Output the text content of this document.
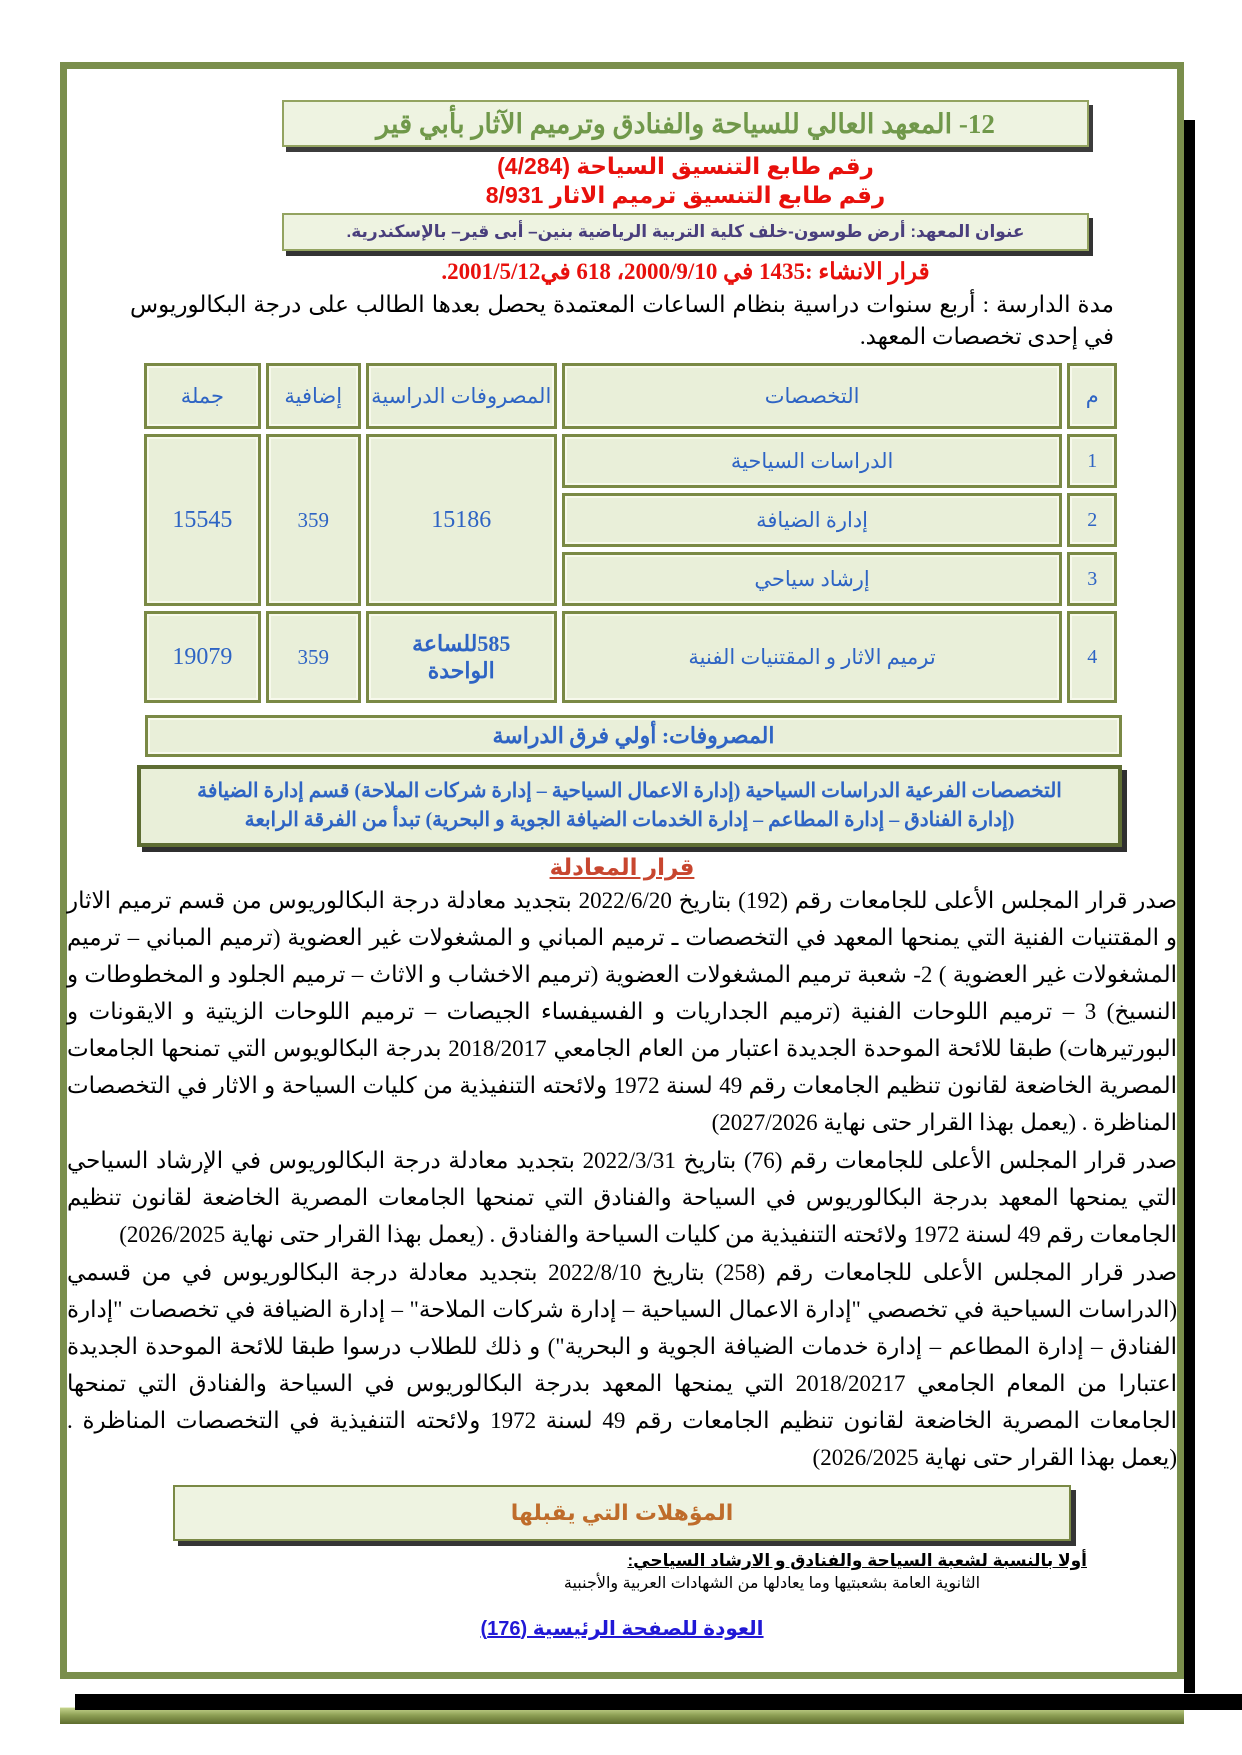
12- المعهد العالي للسياحة والفنادق وترميم الآثار بأبي قير
رقم طابع التنسيق السياحة (4/284)
رقم طابع التنسيق ترميم الاثار 8/931
عنوان المعهد: أرض طوسون-خلف كلية التربية الرياضية بنين– أبى قير– بالإسكندرية.
قرار الانشاء :1435 في 2000/9/10، 618 في2001/5/12.
مدة الدارسة : أربع سنوات دراسية بنظام الساعات المعتمدة يحصل بعدها الطالب على درجة البكالوريوس في إحدى تخصصات المعهد.
م	التخصصات	المصروفات الدراسية	إضافية	جملة
1	الدراسات السياحية	15186	359	15545
2	إدارة الضيافة			
3	إرشاد سياحي			
4	ترميم الاثار و المقتنيات الفنية	585للساعة الواحدة	359	19079
المصروفات: أولي فرق الدراسة
التخصصات الفرعية الدراسات السياحية (إدارة الاعمال السياحية – إدارة شركات الملاحة) قسم إدارة الضيافة
(إدارة الفنادق – إدارة المطاعم – إدارة الخدمات الضيافة الجوية و البحرية) تبدأ من الفرقة الرابعة
قرار المعادلة
صدر قرار المجلس الأعلى للجامعات رقم (192) بتاريخ 2022/6/20 بتجديد معادلة درجة البكالوريوس من قسم ترميم الاثار و المقتنيات الفنية التي يمنحها المعهد في التخصصات ـ ترميم المباني و المشغولات غير العضوية (ترميم المباني – ترميم المشغولات غير العضوية ) 2- شعبة ترميم المشغولات العضوية (ترميم الاخشاب و الاثاث – ترميم الجلود و المخطوطات و النسيخ) 3 – ترميم اللوحات الفنية (ترميم الجداريات و الفسيفساء الجيصات – ترميم اللوحات الزيتية و الايقونات و البورتيرهات) طبقا للائحة الموحدة الجديدة اعتبار من العام الجامعي 2018/2017 بدرجة البكالويوس التي تمنحها الجامعات المصرية الخاضعة لقانون تنظيم الجامعات رقم 49 لسنة 1972 ولائحته التنفيذية من كليات السياحة و الاثار في التخصصات المناظرة . (يعمل بهذا القرار حتى نهاية 2027/2026)
صدر قرار المجلس الأعلى للجامعات رقم (76) بتاريخ 2022/3/31 بتجديد معادلة درجة البكالوريوس في الإرشاد السياحي التي يمنحها المعهد بدرجة البكالوريوس في السياحة والفنادق التي تمنحها الجامعات المصرية الخاضعة لقانون تنظيم الجامعات رقم 49 لسنة 1972 ولائحته التنفيذية من كليات السياحة والفنادق . (يعمل بهذا القرار حتى نهاية 2026/2025)
صدر قرار المجلس الأعلى للجامعات رقم (258) بتاريخ 2022/8/10 بتجديد معادلة درجة البكالوريوس في من قسمي (الدراسات السياحية في تخصصي "إدارة الاعمال السياحية – إدارة شركات الملاحة" – إدارة الضيافة في تخصصات "إدارة الفنادق – إدارة المطاعم – إدارة خدمات الضيافة الجوية و البحرية") و ذلك للطلاب درسوا طبقا للائحة الموحدة الجديدة اعتبارا من المعام الجامعي 2018/20217 التي يمنحها المعهد بدرجة البكالوريوس في السياحة والفنادق التي تمنحها الجامعات المصرية الخاضعة لقانون تنظيم الجامعات رقم 49 لسنة 1972 ولائحته التنفيذية في التخصصات المناظرة . (يعمل بهذا القرار حتى نهاية 2026/2025)
المؤهلات التي يقبلها
أولا بالنسبة لشعبة السياحة والفنادق و الارشاد السياحي:
الثانوية العامة بشعبتيها وما يعادلها من الشهادات العربية والأجنبية
العودة للصفحة الرئيسية (176)
